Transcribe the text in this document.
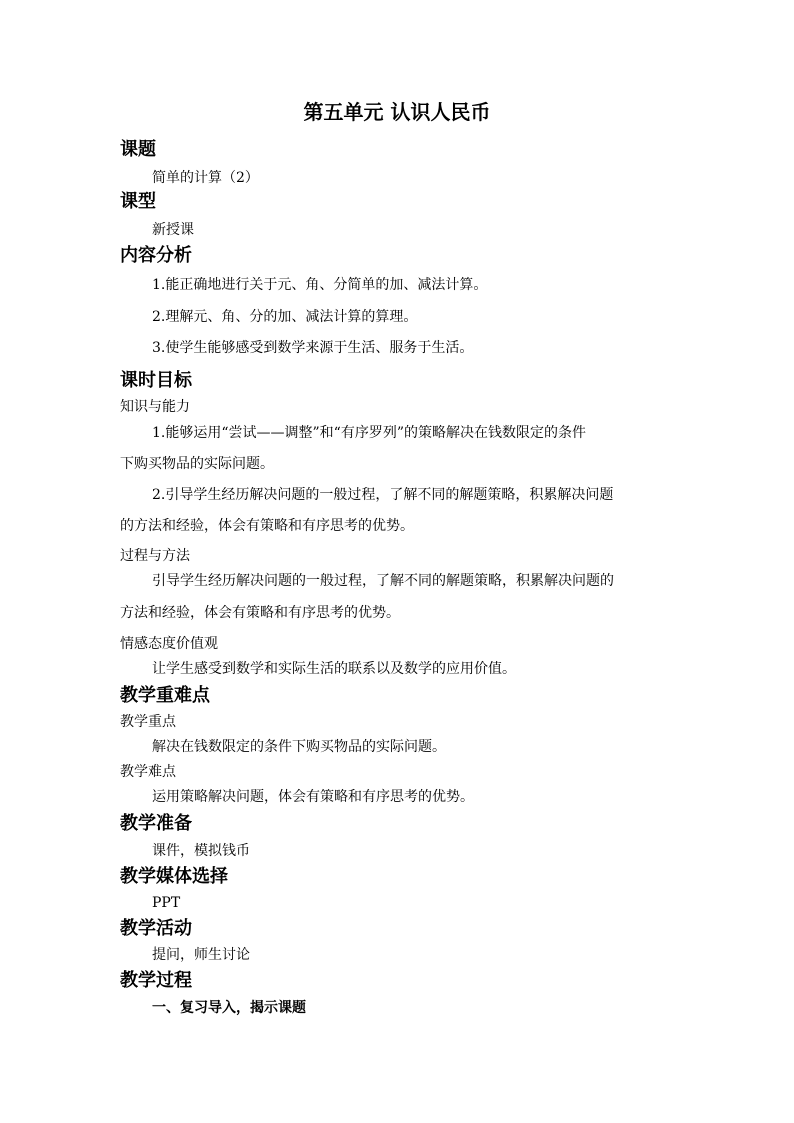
第五单元 认识人民币
课题
简单的计算（2）
课型
新授课
内容分析
1.能正确地进行关于元、角、分简单的加、减法计算。
2.理解元、角、分的加、减法计算的算理。
3.使学生能够感受到数学来源于生活、服务于生活。
课时目标
知识与能力
1.能够运用“尝试——调整”和“有序罗列”的策略解决在钱数限定的条件
下购买物品的实际问题。
2.引导学生经历解决问题的一般过程，了解不同的解题策略，积累解决问题
的方法和经验，体会有策略和有序思考的优势。
过程与方法
引导学生经历解决问题的一般过程，了解不同的解题策略，积累解决问题的
方法和经验，体会有策略和有序思考的优势。
情感态度价值观
让学生感受到数学和实际生活的联系以及数学的应用价值。
教学重难点
教学重点
解决在钱数限定的条件下购买物品的实际问题。
教学难点
运用策略解决问题，体会有策略和有序思考的优势。
教学准备
课件，模拟钱币
教学媒体选择
PPT
教学活动
提问，师生讨论
教学过程
一、复习导入，揭示课题
